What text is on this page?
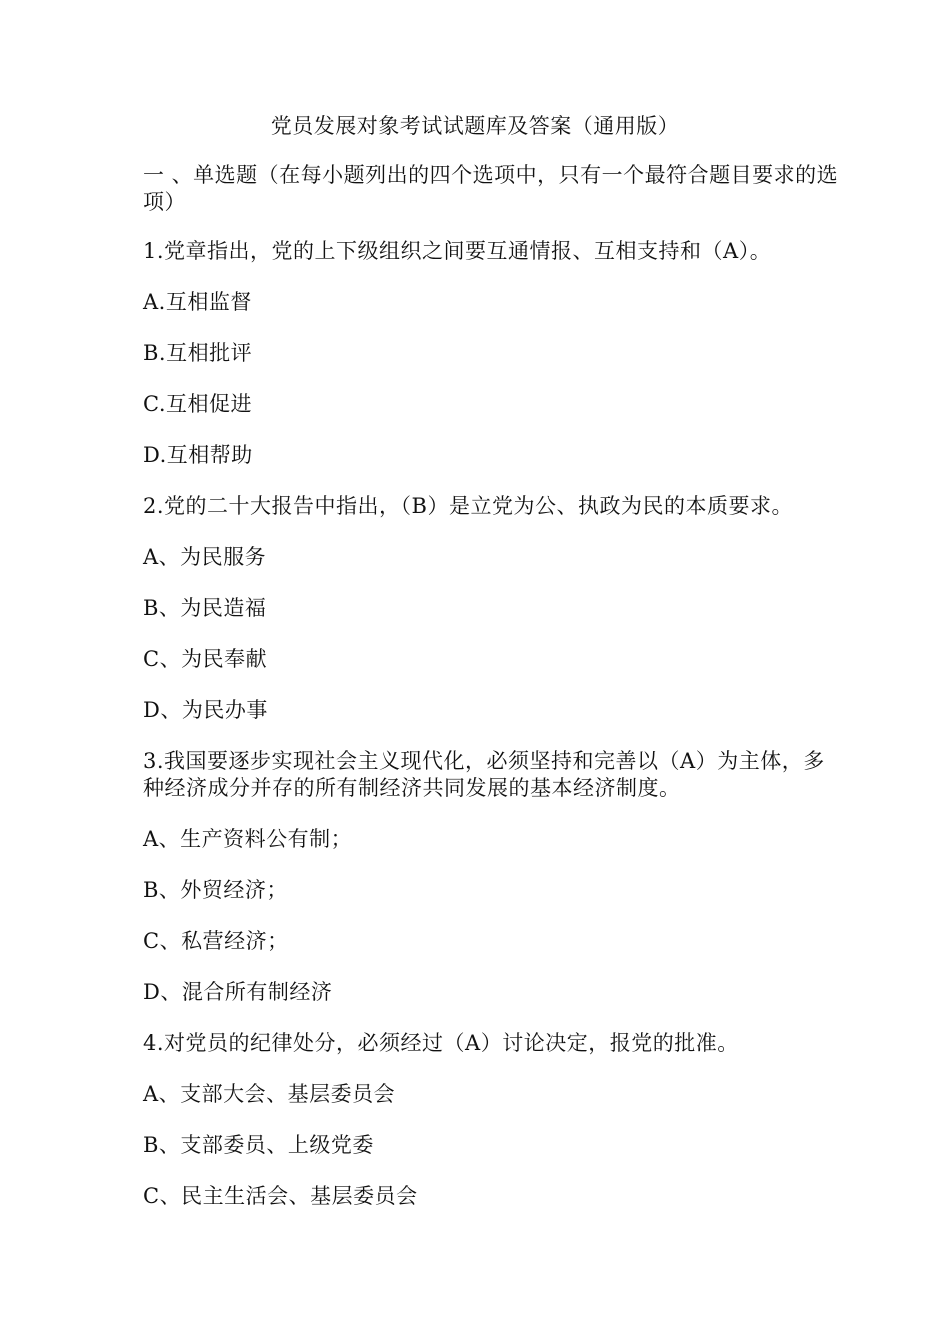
党员发展对象考试试题库及答案（通用版）
一 、单选题（在每小题列出的四个选项中，只有一个最符合题目要求的选项）
1.党章指出，党的上下级组织之间要互通情报、互相支持和（A）。
A.互相监督
B.互相批评
C.互相促进
D.互相帮助
2.党的二十大报告中指出，（B）是立党为公、执政为民的本质要求。
A、为民服务
B、为民造福
C、为民奉献
D、为民办事
3.我国要逐步实现社会主义现代化，必须坚持和完善以（A）为主体，多种经济成分并存的所有制经济共同发展的基本经济制度。
A、生产资料公有制；
B、外贸经济；
C、私营经济；
D、混合所有制经济
4.对党员的纪律处分，必须经过（A）讨论决定，报党的批准。
A、支部大会、基层委员会
B、支部委员、上级党委
C、民主生活会、基层委员会
